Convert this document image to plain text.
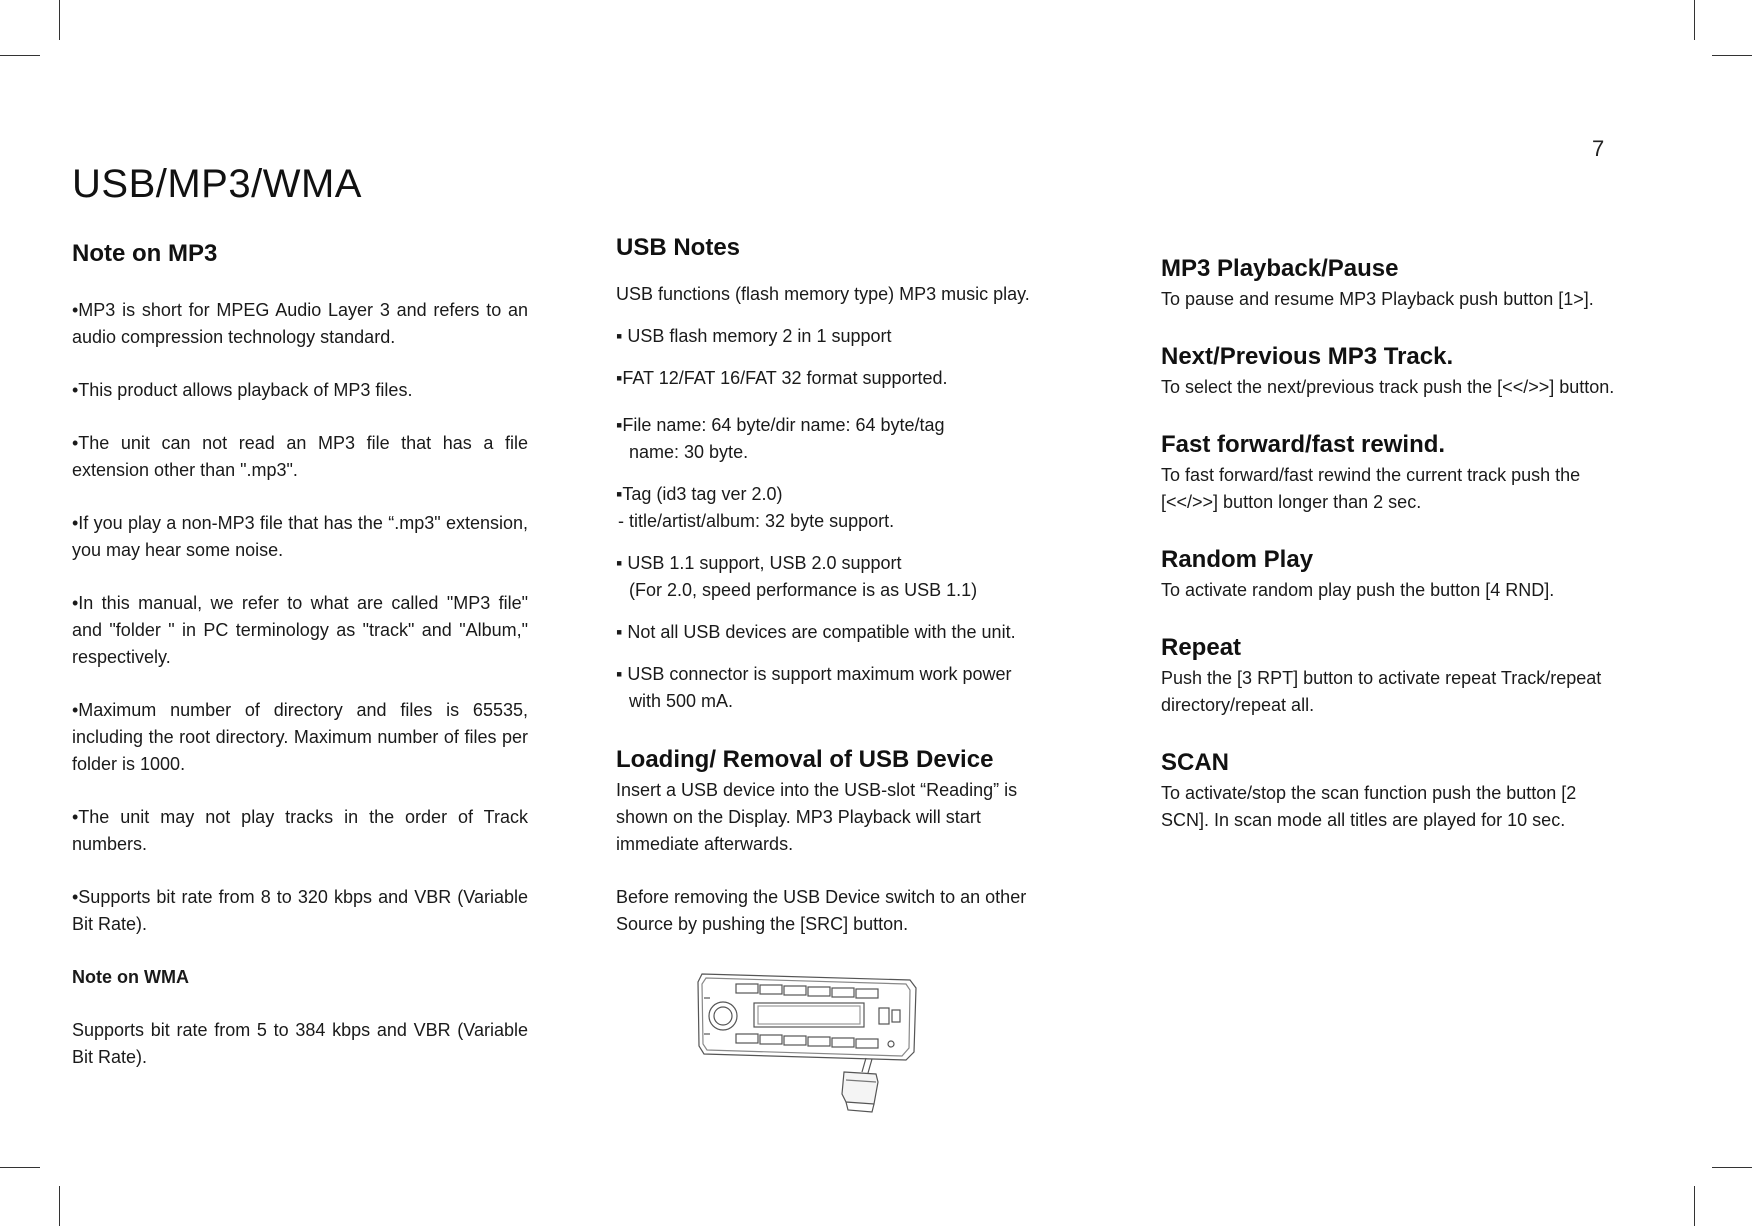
7
USB/MP3/WMA
Note on MP3

•MP3 is short for MPEG Audio Layer 3 and refers to an audio compression technology standard.

•This product allows playback of MP3 files.

•The unit can not read an MP3 file that has a file extension other than ".mp3".

•If you play a non-MP3 file that has the “.mp3" extension, you may hear some noise.

•In this manual, we refer to what are called "MP3 file" and "folder " in PC terminology as "track" and "Album," respectively.

•Maximum number of directory and files is 65535, including the root directory. Maximum number of files per folder is 1000.

•The unit may not play tracks in the order of Track numbers.

•Supports bit rate from 8 to 320 kbps and VBR (Variable Bit Rate).

Note on WMA

Supports bit rate from 5 to 384 kbps and VBR (Variable Bit Rate).

USB Notes

USB functions (flash memory type) MP3 music play.

▪ USB flash memory 2 in 1 support
▪FAT 12/FAT 16/FAT 32 format supported.
▪File name: 64 byte/dir name: 64 byte/tag
name: 30 byte.
▪Tag (id3 tag ver 2.0)
- title/artist/album: 32 byte support.
▪ USB 1.1 support, USB 2.0 support
(For 2.0, speed performance is as USB 1.1)
▪ Not all USB devices are compatible with the unit.
▪ USB connector is support maximum work power
with 500 mA.
Loading/ Removal of USB Device

Insert a USB device into the USB-slot “Reading” is shown on the Display. MP3 Playback will start immediate afterwards.

Before removing the USB Device switch to an other Source by pushing the [SRC] button.

MP3 Playback/Pause

To pause and resume MP3 Playback push button [1>].

Next/Previous MP3 Track.

To select the next/previous track push the [<</>>] button.

Fast forward/fast rewind.

To fast forward/fast rewind the current track push the [<</>>] button longer than 2 sec.

Random Play

To activate random play push the button [4 RND].

Repeat

Push the [3 RPT] button to activate repeat Track/repeat directory/repeat all.

SCAN

To activate/stop the scan function push the button [2 SCN]. In scan mode all titles are played for 10 sec.
